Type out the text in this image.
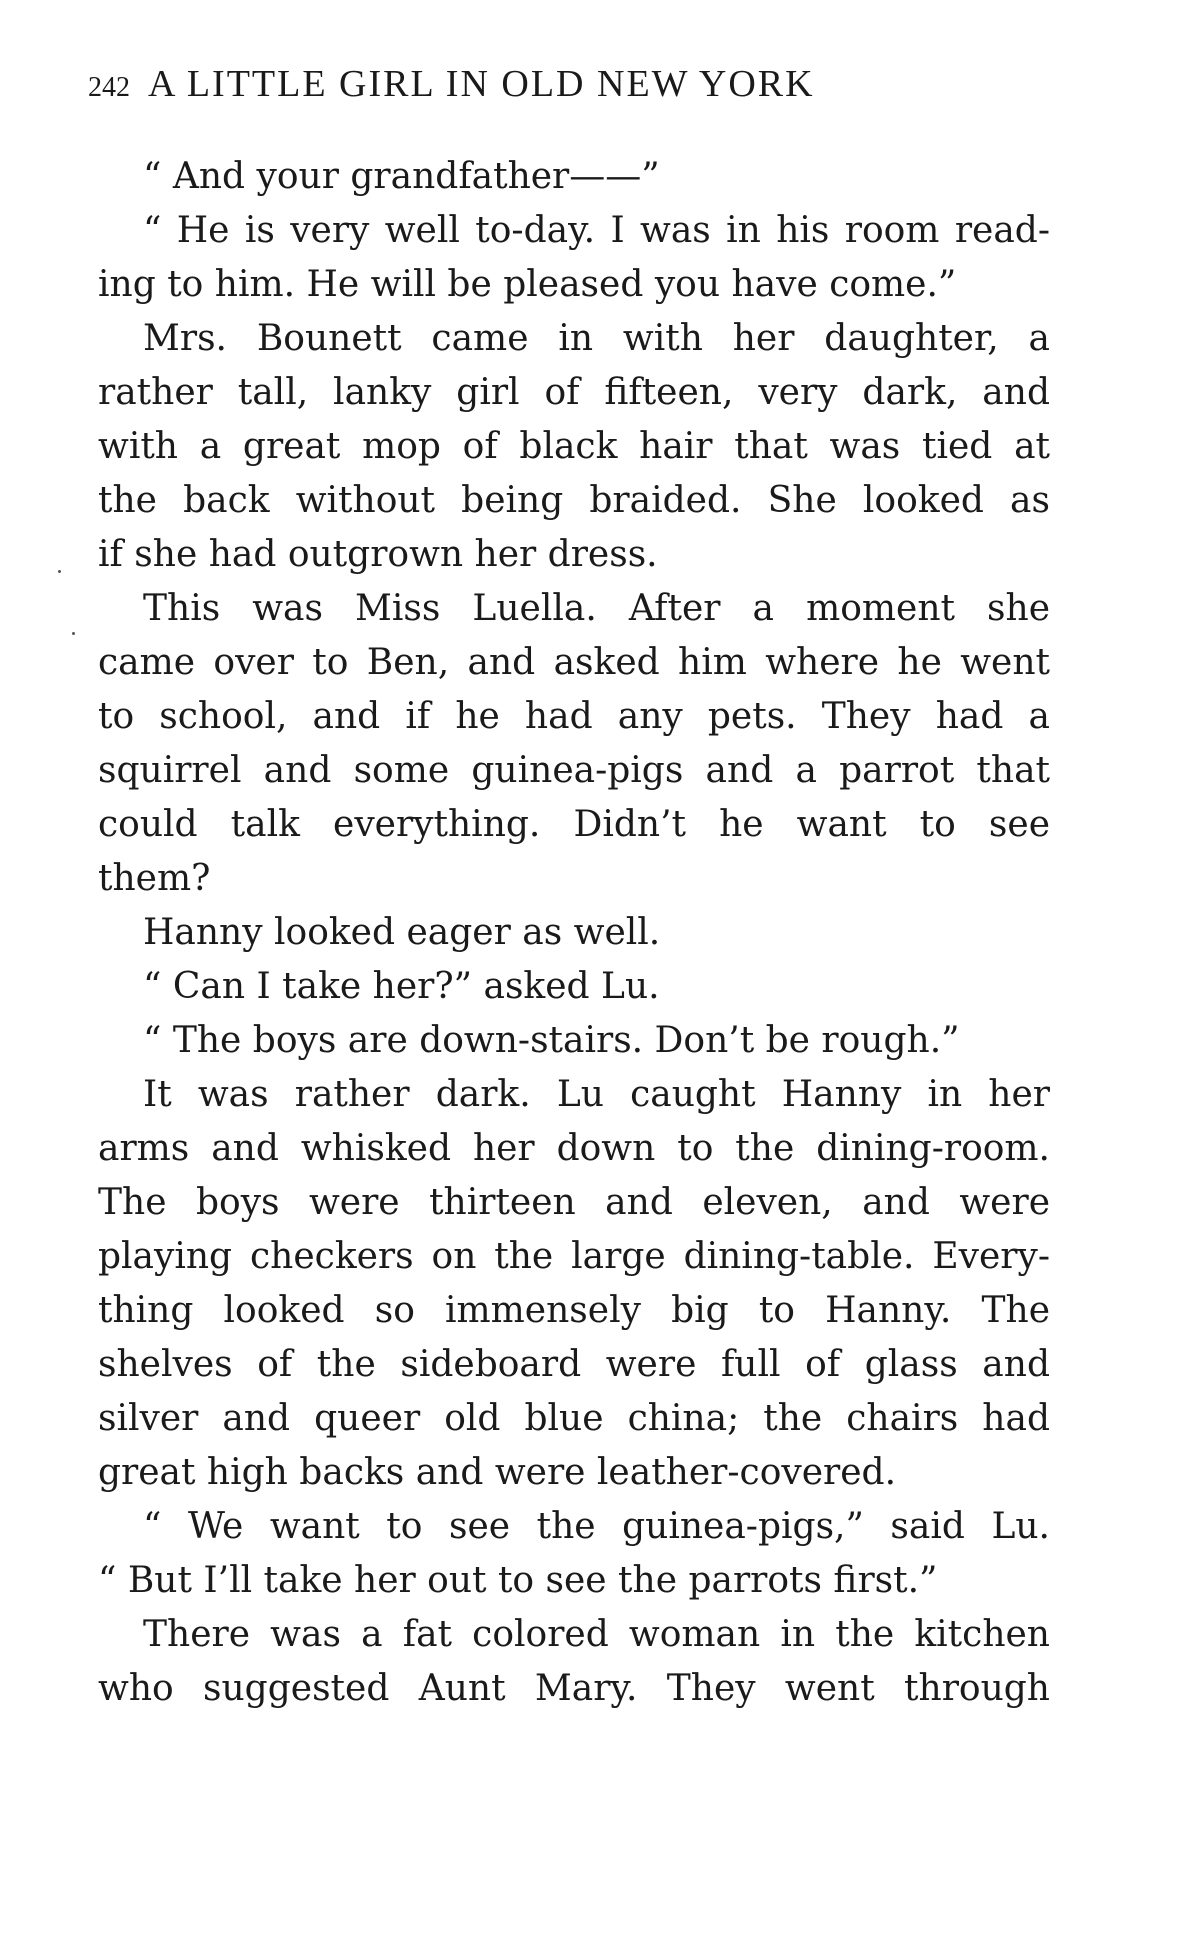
242 A LITTLE GIRL IN OLD NEW YORK
“ And your grandfather——”
“ He is very well to-day. I was in his room read‑
ing to him. He will be pleased you have come.”
Mrs. Bounett came in with her daughter, a
rather tall, lanky girl of fifteen, very dark, and
with a great mop of black hair that was tied at
the back without being braided. She looked as
if she had outgrown her dress.
This was Miss Luella. After a moment she
came over to Ben, and asked him where he went
to school, and if he had any pets. They had a
squirrel and some guinea-pigs and a parrot that
could talk everything. Didn’t he want to see
them?
Hanny looked eager as well.
“ Can I take her?” asked Lu.
“ The boys are down-stairs. Don’t be rough.”
It was rather dark. Lu caught Hanny in her
arms and whisked her down to the dining-room.
The boys were thirteen and eleven, and were
playing checkers on the large dining-table. Every-
thing looked so immensely big to Hanny. The
shelves of the sideboard were full of glass and
silver and queer old blue china; the chairs had
great high backs and were leather-covered.
“ We want to see the guinea-pigs,” said Lu.
“ But I’ll take her out to see the parrots first.”
There was a fat colored woman in the kitchen
who suggested Aunt Mary. They went through
